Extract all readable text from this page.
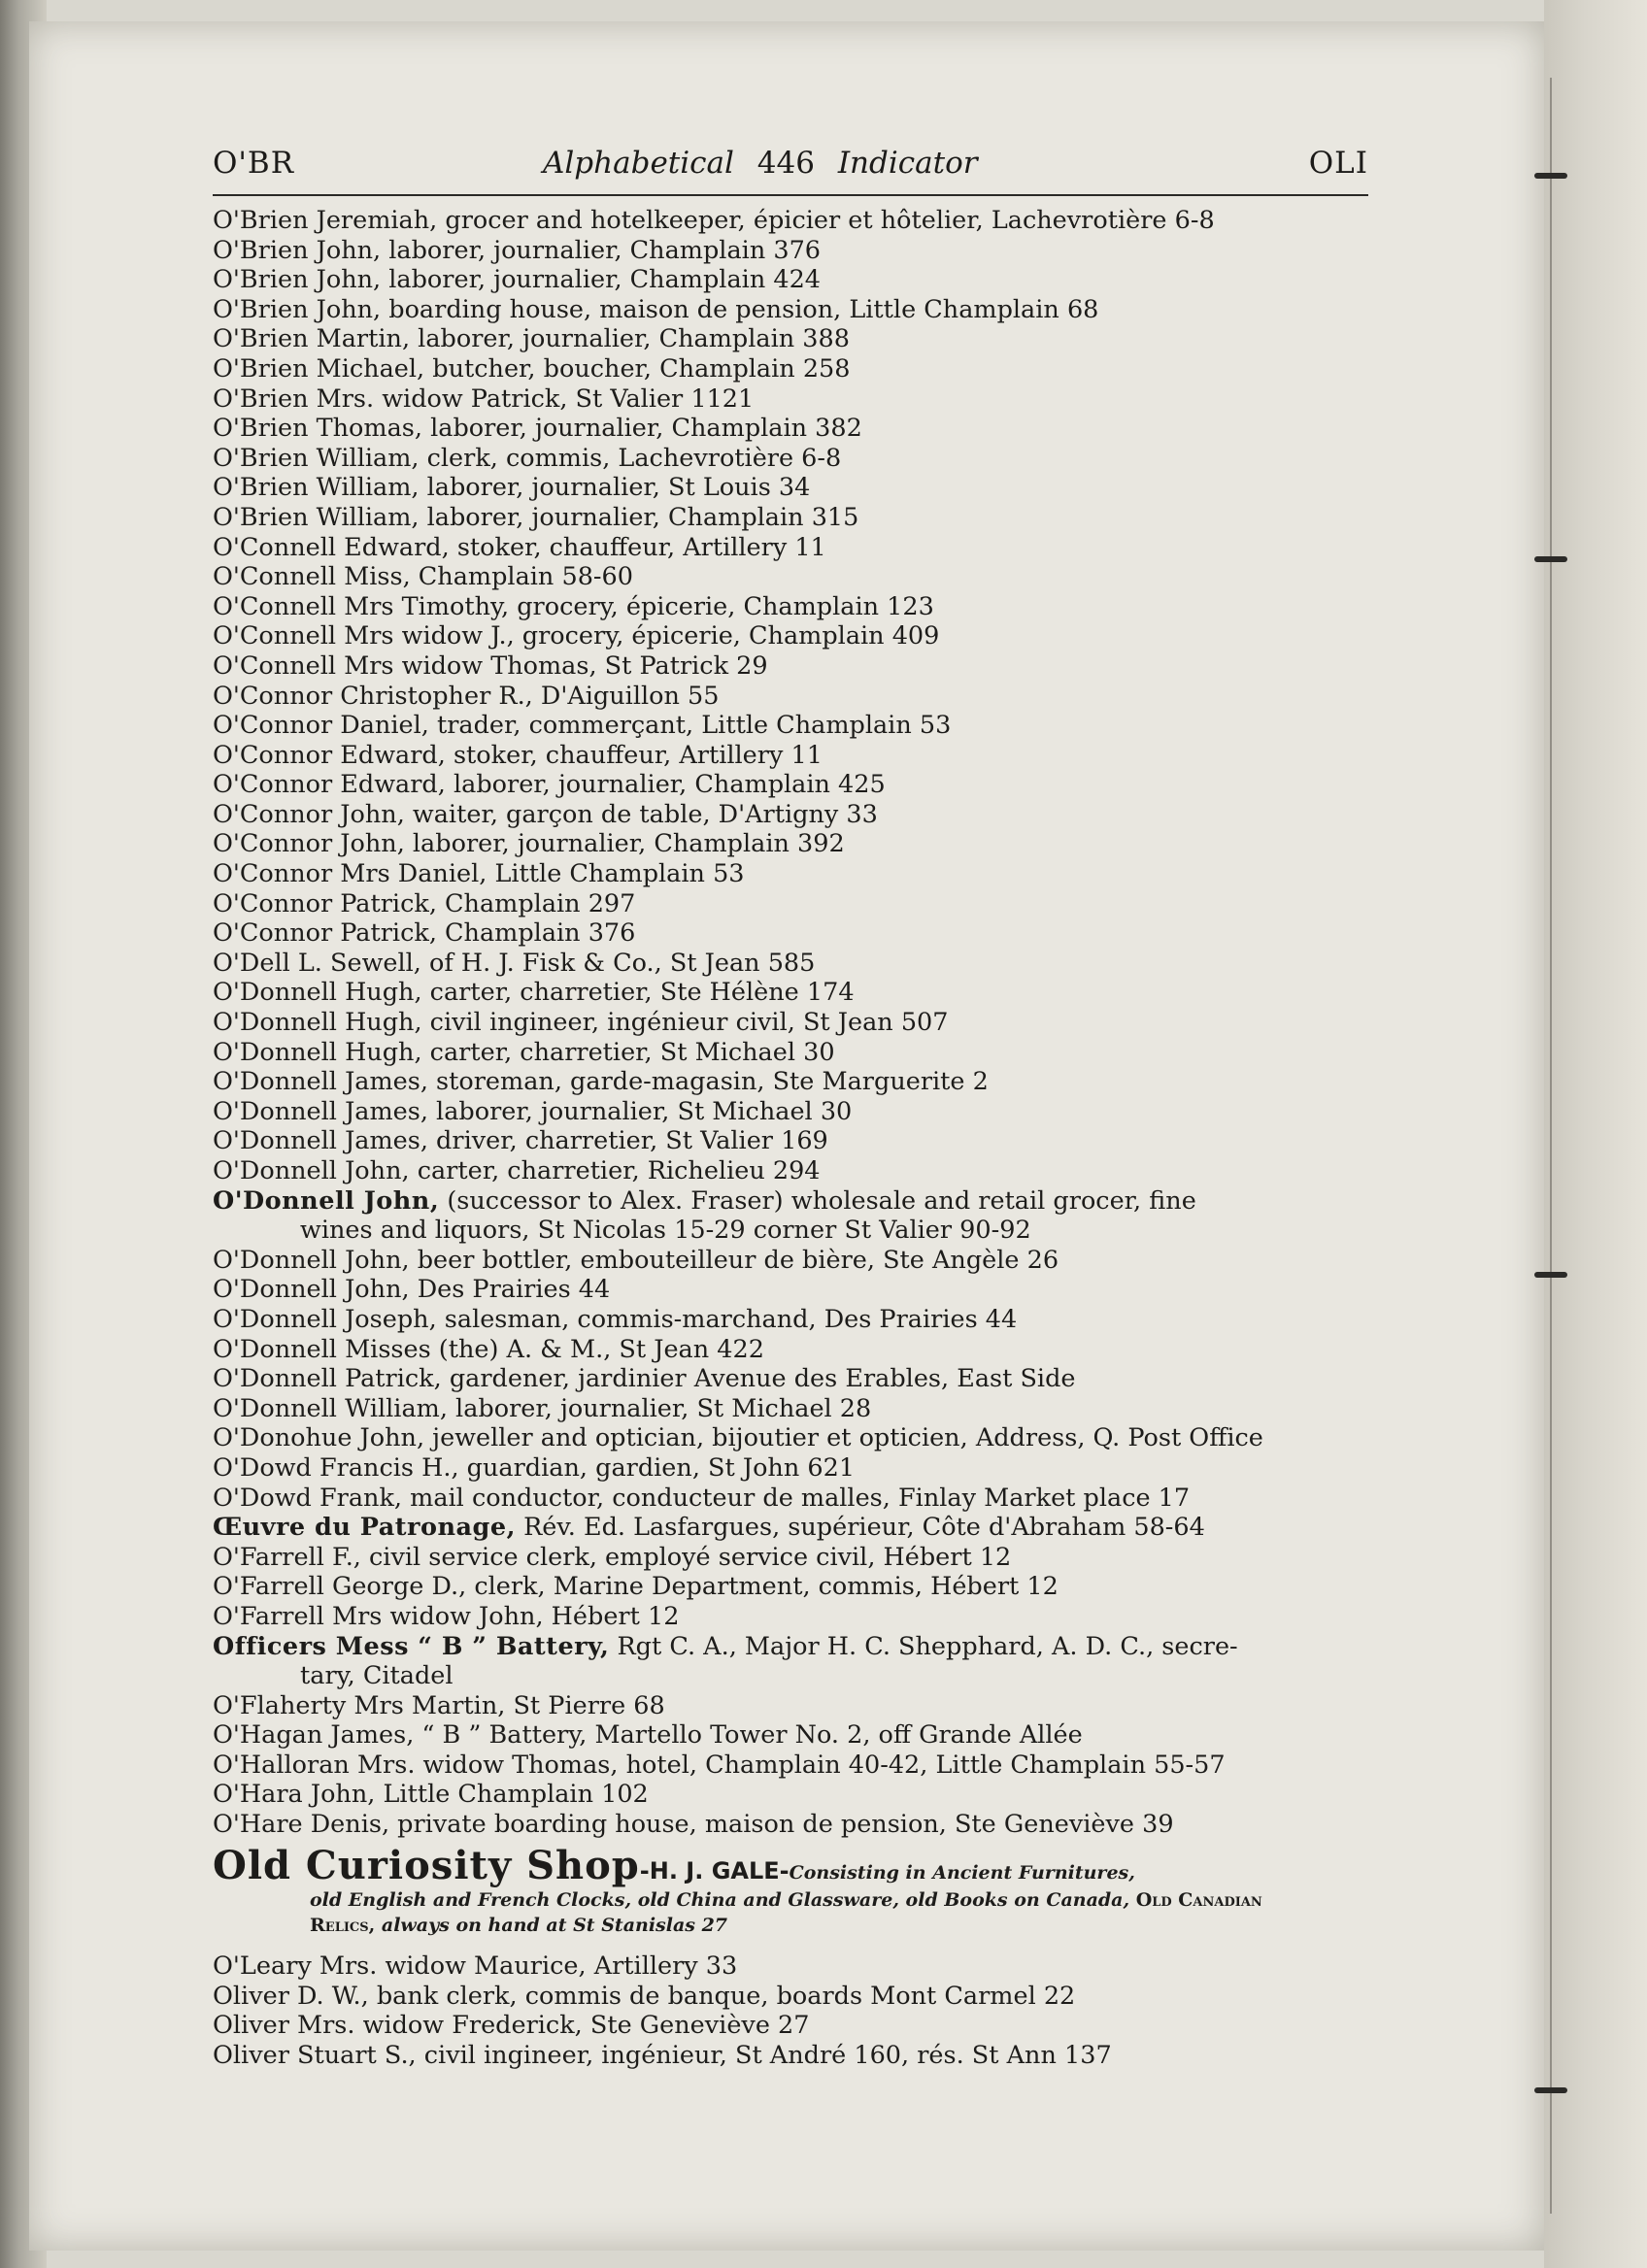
O'BR	Alphabetical 446 Indicator	OLI
O'Brien Jeremiah, grocer and hotelkeeper, épicier et hôtelier, Lachevrotière 6-8
O'Brien John, laborer, journalier, Champlain 376
O'Brien John, laborer, journalier, Champlain 424
O'Brien John, boarding house, maison de pension, Little Champlain 68
O'Brien Martin, laborer, journalier, Champlain 388
O'Brien Michael, butcher, boucher, Champlain 258
O'Brien Mrs. widow Patrick, St Valier 1121
O'Brien Thomas, laborer, journalier, Champlain 382
O'Brien William, clerk, commis, Lachevrotière 6-8
O'Brien William, laborer, journalier, St Louis 34
O'Brien William, laborer, journalier, Champlain 315
O'Connell Edward, stoker, chauffeur, Artillery 11
O'Connell Miss, Champlain 58-60
O'Connell Mrs Timothy, grocery, épicerie, Champlain 123
O'Connell Mrs widow J., grocery, épicerie, Champlain 409
O'Connell Mrs widow Thomas, St Patrick 29
O'Connor Christopher R., D'Aiguillon 55
O'Connor Daniel, trader, commerçant, Little Champlain 53
O'Connor Edward, stoker, chauffeur, Artillery 11
O'Connor Edward, laborer, journalier, Champlain 425
O'Connor John, waiter, garçon de table, D'Artigny 33
O'Connor John, laborer, journalier, Champlain 392
O'Connor Mrs Daniel, Little Champlain 53
O'Connor Patrick, Champlain 297
O'Connor Patrick, Champlain 376
O'Dell L. Sewell, of H. J. Fisk & Co., St Jean 585
O'Donnell Hugh, carter, charretier, Ste Hélène 174
O'Donnell Hugh, civil ingineer, ingénieur civil, St Jean 507
O'Donnell Hugh, carter, charretier, St Michael 30
O'Donnell James, storeman, garde-magasin, Ste Marguerite 2
O'Donnell James, laborer, journalier, St Michael 30
O'Donnell James, driver, charretier, St Valier 169
O'Donnell John, carter, charretier, Richelieu 294
O'Donnell John, (successor to Alex. Fraser) wholesale and retail grocer, fine
wines and liquors, St Nicolas 15-29 corner St Valier 90-92
O'Donnell John, beer bottler, embouteilleur de bière, Ste Angèle 26
O'Donnell John, Des Prairies 44
O'Donnell Joseph, salesman, commis-marchand, Des Prairies 44
O'Donnell Misses (the) A. & M., St Jean 422
O'Donnell Patrick, gardener, jardinier Avenue des Erables, East Side
O'Donnell William, laborer, journalier, St Michael 28
O'Donohue John, jeweller and optician, bijoutier et opticien, Address, Q. Post Office
O'Dowd Francis H., guardian, gardien, St John 621
O'Dowd Frank, mail conductor, conducteur de malles, Finlay Market place 17
Œuvre du Patronage, Rév. Ed. Lasfargues, supérieur, Côte d'Abraham 58-64
O'Farrell F., civil service clerk, employé service civil, Hébert 12
O'Farrell George D., clerk, Marine Department, commis, Hébert 12
O'Farrell Mrs widow John, Hébert 12
Officers Mess “ B ” Battery, Rgt C. A., Major H. C. Shepphard, A. D. C., secre-
tary, Citadel
O'Flaherty Mrs Martin, St Pierre 68
O'Hagan James, “ B ” Battery, Martello Tower No. 2, off Grande Allée
O'Halloran Mrs. widow Thomas, hotel, Champlain 40-42, Little Champlain 55-57
O'Hara John, Little Champlain 102
O'Hare Denis, private boarding house, maison de pension, Ste Geneviève 39
Old Curiosity Shop-H. J. GALE-Consisting in Ancient Furnitures,
old English and French Clocks, old China and Glassware, old Books on Canada, Old Canadian
Relics, always on hand at St Stanislas 27
O'Leary Mrs. widow Maurice, Artillery 33
Oliver D. W., bank clerk, commis de banque, boards Mont Carmel 22
Oliver Mrs. widow Frederick, Ste Geneviève 27
Oliver Stuart S., civil ingineer, ingénieur, St André 160, rés. St Ann 137
